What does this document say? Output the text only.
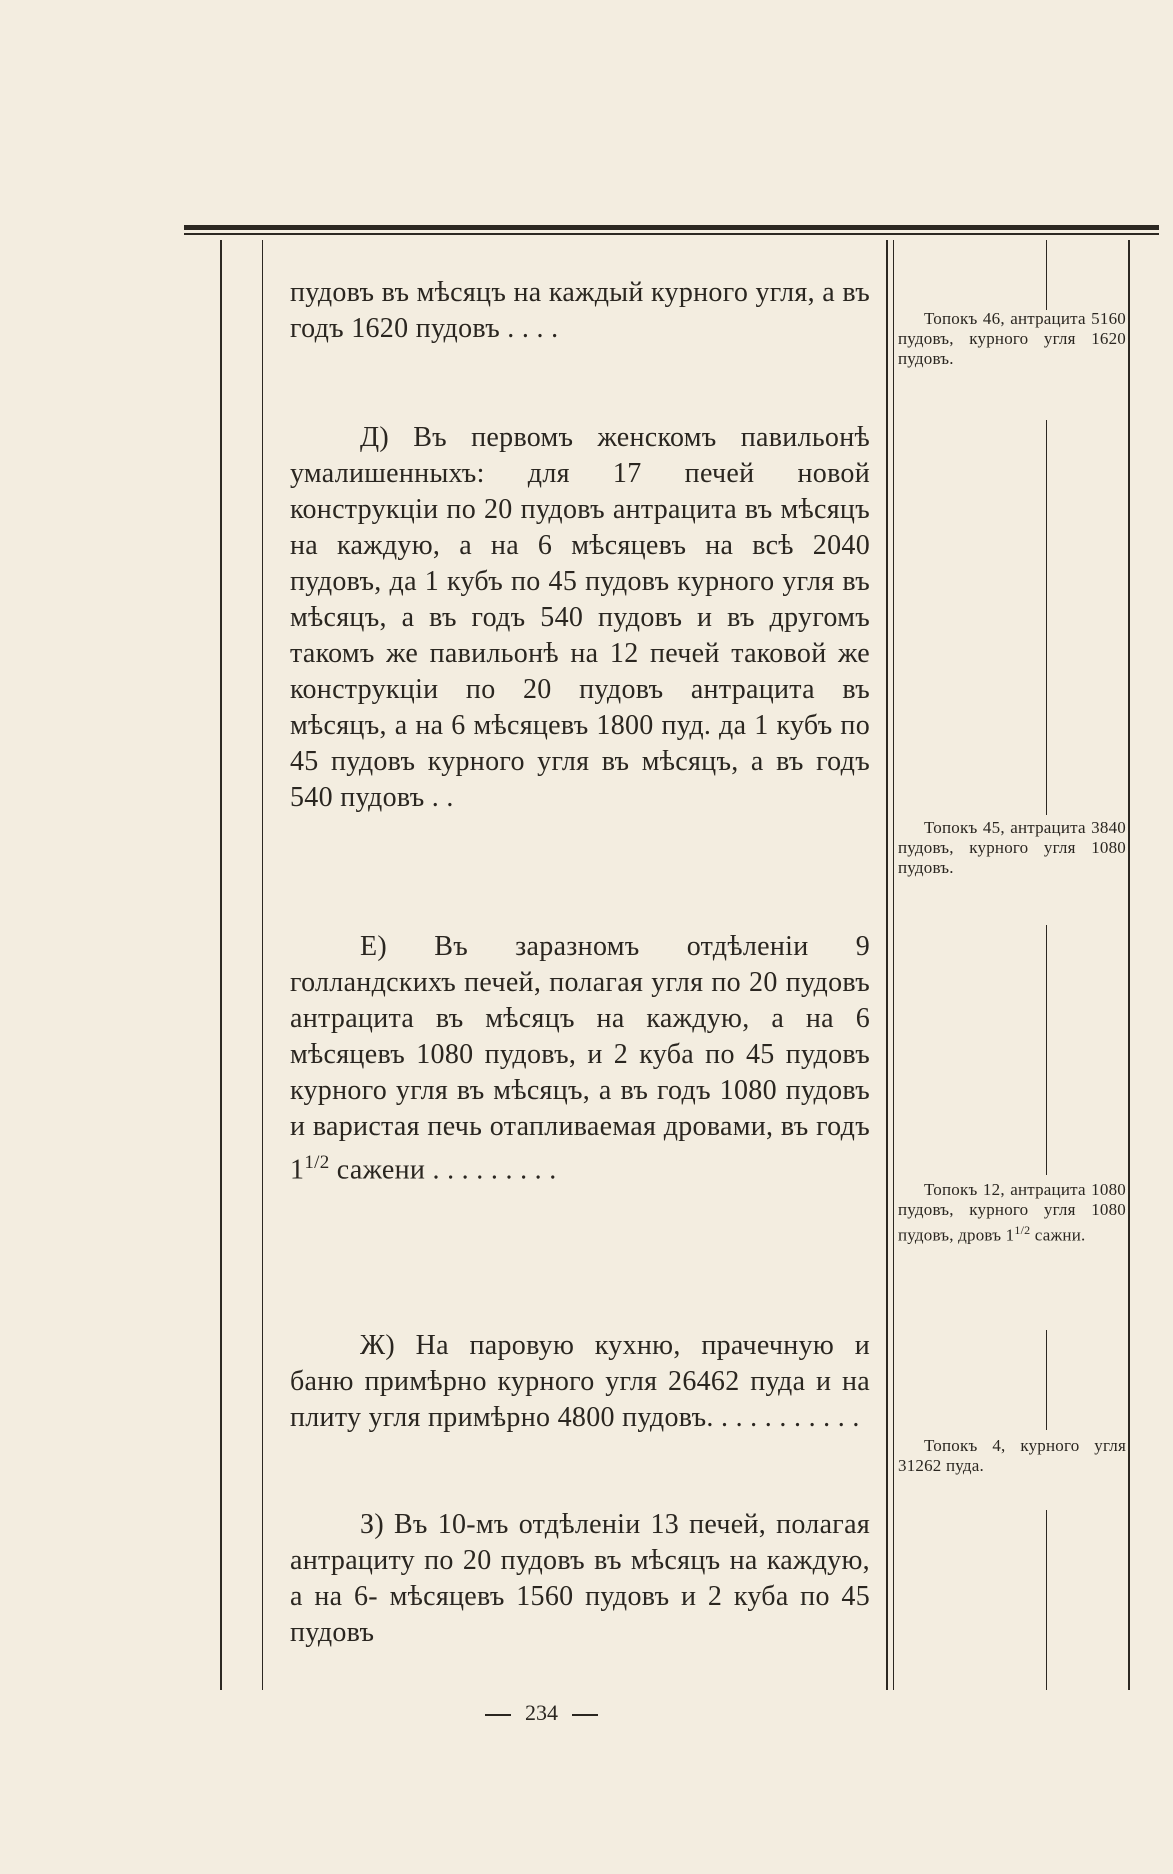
пудовъ въ мѣсяцъ на каждый курного угля, а въ годъ 1620 пудовъ . . . .
Д) Въ первомъ женскомъ павильонѣ умалишенныхъ: для 17 печей новой конструкціи по 20 пудовъ антрацита въ мѣсяцъ на каждую, а на 6 мѣсяцевъ на всѣ 2040 пудовъ, да 1 кубъ по 45 пудовъ курного угля въ мѣсяцъ, а въ годъ 540 пудовъ и въ другомъ такомъ же павильонѣ на 12 печей таковой же конструкціи по 20 пудовъ антрацита въ мѣсяцъ, а на 6 мѣсяцевъ 1800 пуд. да 1 кубъ по 45 пудовъ курного угля въ мѣсяцъ, а въ годъ 540 пудовъ . .
Е) Въ заразномъ отдѣленіи 9 голландскихъ печей, полагая угля по 20 пудовъ антрацита въ мѣсяцъ на каждую, а на 6 мѣсяцевъ 1080 пудовъ, и 2 куба по 45 пудовъ курного угля въ мѣсяцъ, а въ годъ 1080 пудовъ и варистая печь отапливаемая дровами, въ годъ $1^{1/2}$ сажени . . . . . . . . .
Ж) На паровую кухню, прачечную и баню примѣрно курного угля 26462 пуда и на плиту угля примѣрно 4800 пудовъ. . . . . . . . . . .
З) Въ 10-мъ отдѣленіи 13 печей, полагая антрациту по 20 пудовъ въ мѣсяцъ на каждую, а на 6- мѣсяцевъ 1560 пудовъ и 2 куба по 45 пудовъ
Топокъ 46, антрацита 5160 пудовъ, курного угля 1620 пудовъ.
Топокъ 45, антрацита 3840 пудовъ, курного угля 1080 пудовъ.
Топокъ 12, антрацита 1080 пудовъ, курного угля 1080 пудовъ, дровъ $1^{1/2}$ сажни.
Топокъ 4, курного угля 31262 пуда.
234
